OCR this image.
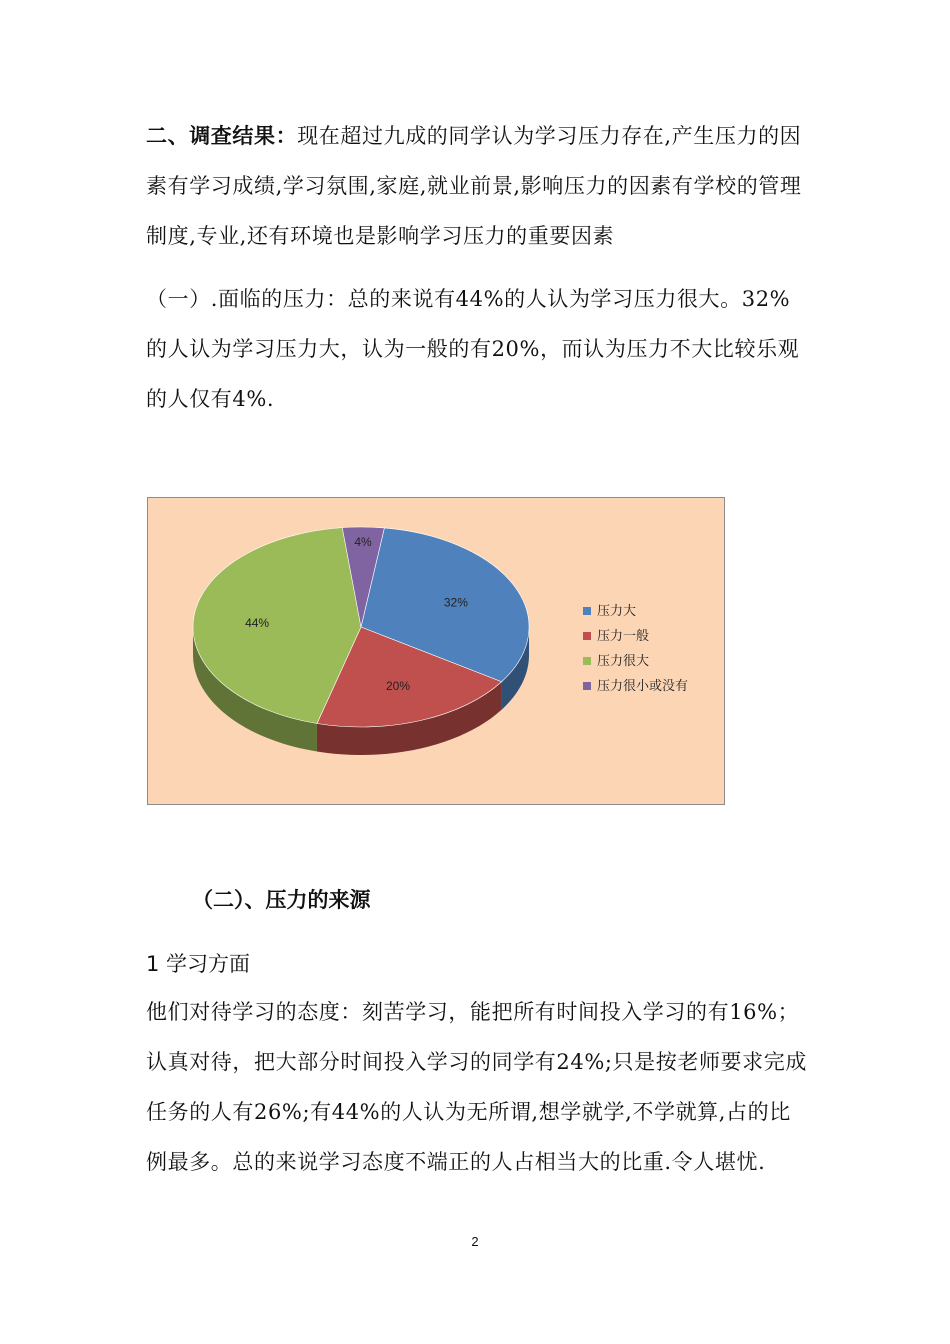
二、调查结果：现在超过九成的同学认为学习压力存在,产生压力的因素有学习成绩,学习氛围,家庭,就业前景,影响压力的因素有学校的管理制度,专业,还有环境也是影响学习压力的重要因素

（一）.面临的压力：总的来说有44%的人认为学习压力很大。32%的人认为学习压力大，认为一般的有20%，而认为压力不大比较乐观的人仅有4%.

32%
20%
44%
4%
压力大
压力一般
压力很大
压力很小或没有

（二）、压力的来源

1 学习方面

他们对待学习的态度：刻苦学习，能把所有时间投入学习的有16%；认真对待，把大部分时间投入学习的同学有24%;只是按老师要求完成任务的人有26%;有44%的人认为无所谓,想学就学,不学就算,占的比例最多。总的来说学习态度不端正的人占相当大的比重.令人堪忧.

2
